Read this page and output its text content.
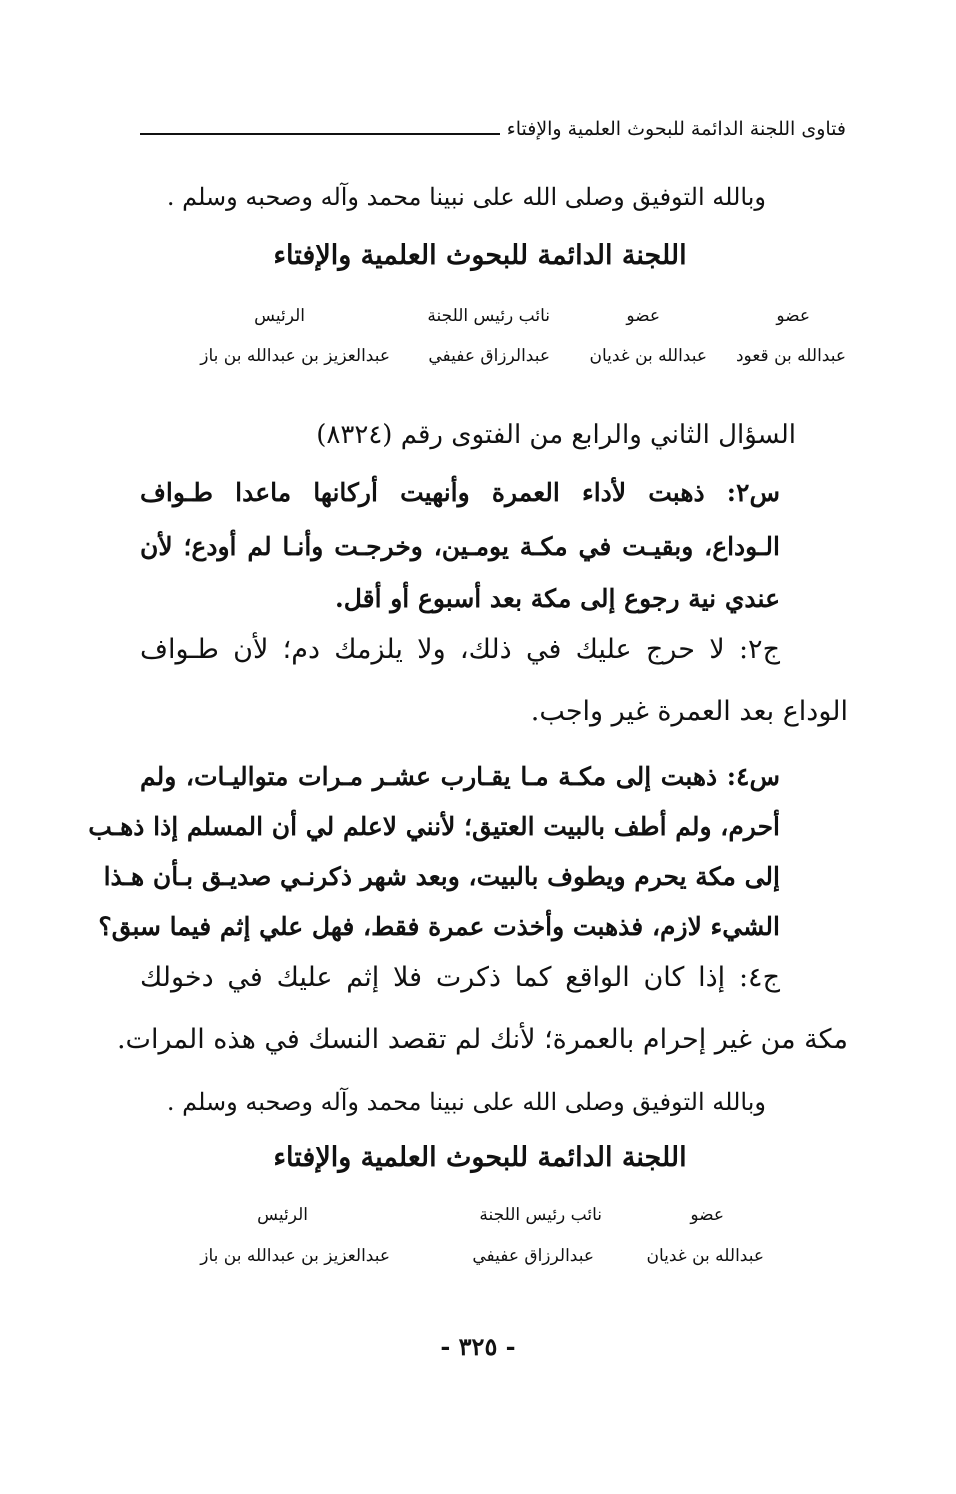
فتاوى اللجنة الدائمة للبحوث العلمية والإفتاء
وبالله التوفيق وصلى الله على نبينا محمد وآله وصحبه وسلم .
اللجنة الدائمة للبحوث العلمية والإفتاء
عضو
عضو
نائب رئيس اللجنة
الرئيس
عبدالله بن قعود
عبدالله بن غديان
عبدالرزاق عفيفي
عبدالعزيز بن عبدالله بن باز
السؤال الثاني والرابع من الفتوى رقم (٨٣٢٤)
س٢: ذهبت لأداء العمرة وأنهيت أركانها ماعدا طـواف
الـوداع، وبقيـت في مكـة يومـين، وخرجـت وأنـا لم أودع؛ لأن
عندي نية رجوع إلى مكة بعد أسبوع أو أقل.
ج٢: لا حرج عليك في ذلك، ولا يلزمك دم؛ لأن طـواف
الوداع بعد العمرة غير واجب.
س٤: ذهبت إلى مكـة مـا يقـارب عشـر مـرات متواليـات، ولم
أحرم، ولم أطف بالبيت العتيق؛ لأنني لاعلم لي أن المسلم إذا ذهـب
إلى مكة يحرم ويطوف بالبيت، وبعد شهر ذكرنـي صديـق بـأن هـذا
الشيء لازم، فذهبت وأخذت عمرة فقط، فهل علي إثم فيما سبق؟
ج٤: إذا كان الواقع كما ذكرت فلا إثم عليك في دخولك
مكة من غير إحرام بالعمرة؛ لأنك لم تقصد النسك في هذه المرات.
وبالله التوفيق وصلى الله على نبينا محمد وآله وصحبه وسلم .
اللجنة الدائمة للبحوث العلمية والإفتاء
عضو
نائب رئيس اللجنة
الرئيس
عبدالله بن غديان
عبدالرزاق عفيفي
عبدالعزيز بن عبدالله بن باز
- ٣٢٥ -
